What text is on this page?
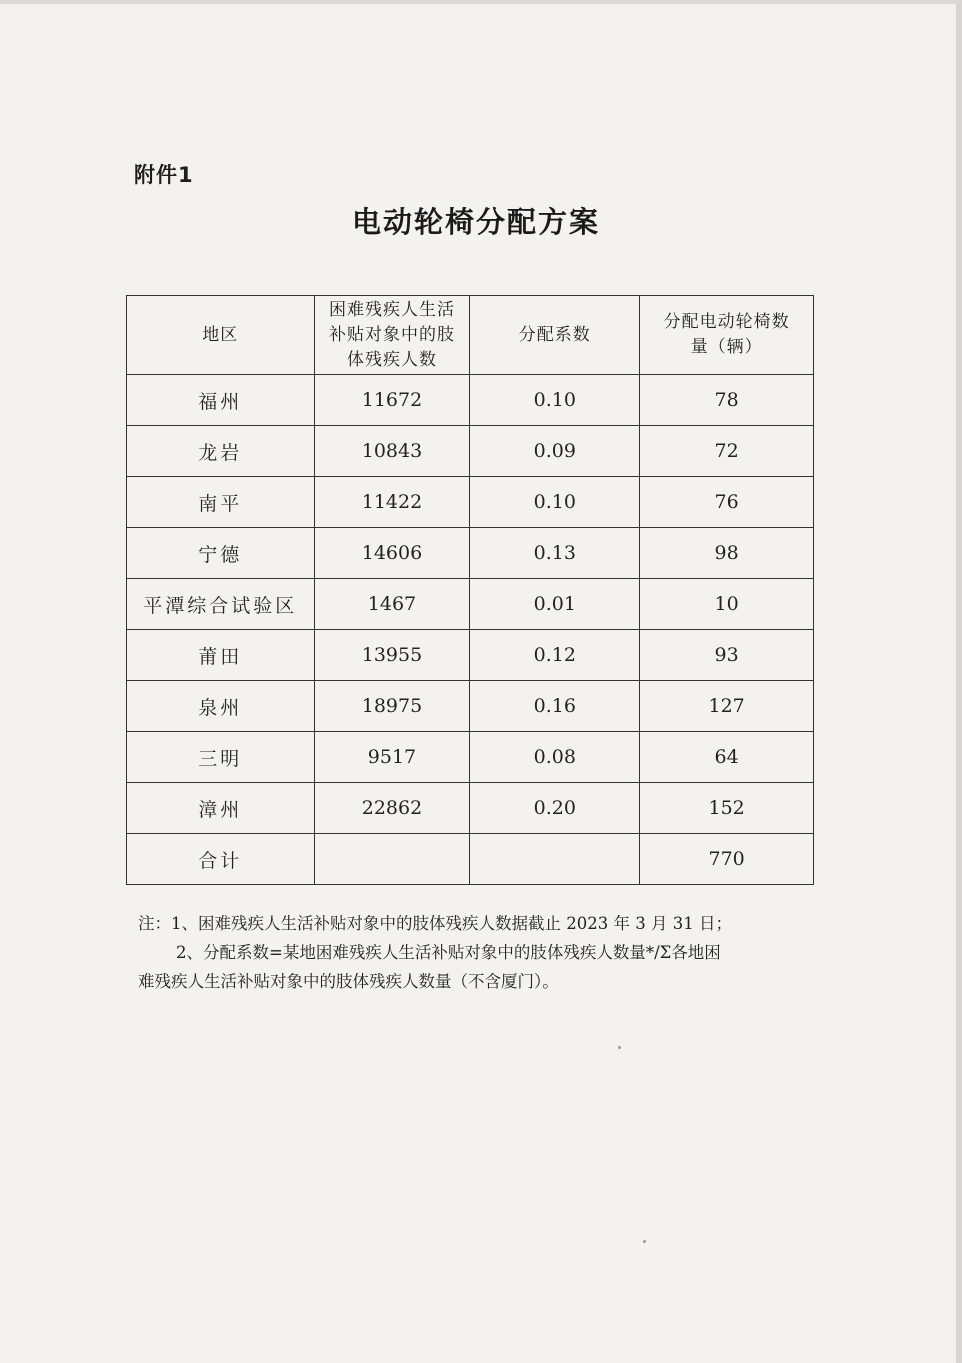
附件1
电动轮椅分配方案
地区	困难残疾人生活补贴对象中的肢体残疾人数	分配系数	分配电动轮椅数量（辆）

福州	11672	0.10	78
龙岩	10843	0.09	72
南平	11422	0.10	76
宁德	14606	0.13	98
平潭综合试验区	1467	0.01	10
莆田	13955	0.12	93
泉州	18975	0.16	127
三明	9517	0.08	64
漳州	22862	0.20	152
合计			770
注：1、困难残疾人生活补贴对象中的肢体残疾人数据截止 2023 年 3 月 31 日；
2、分配系数=某地困难残疾人生活补贴对象中的肢体残疾人数量*/Σ各地困
难残疾人生活补贴对象中的肢体残疾人数量（不含厦门）。
